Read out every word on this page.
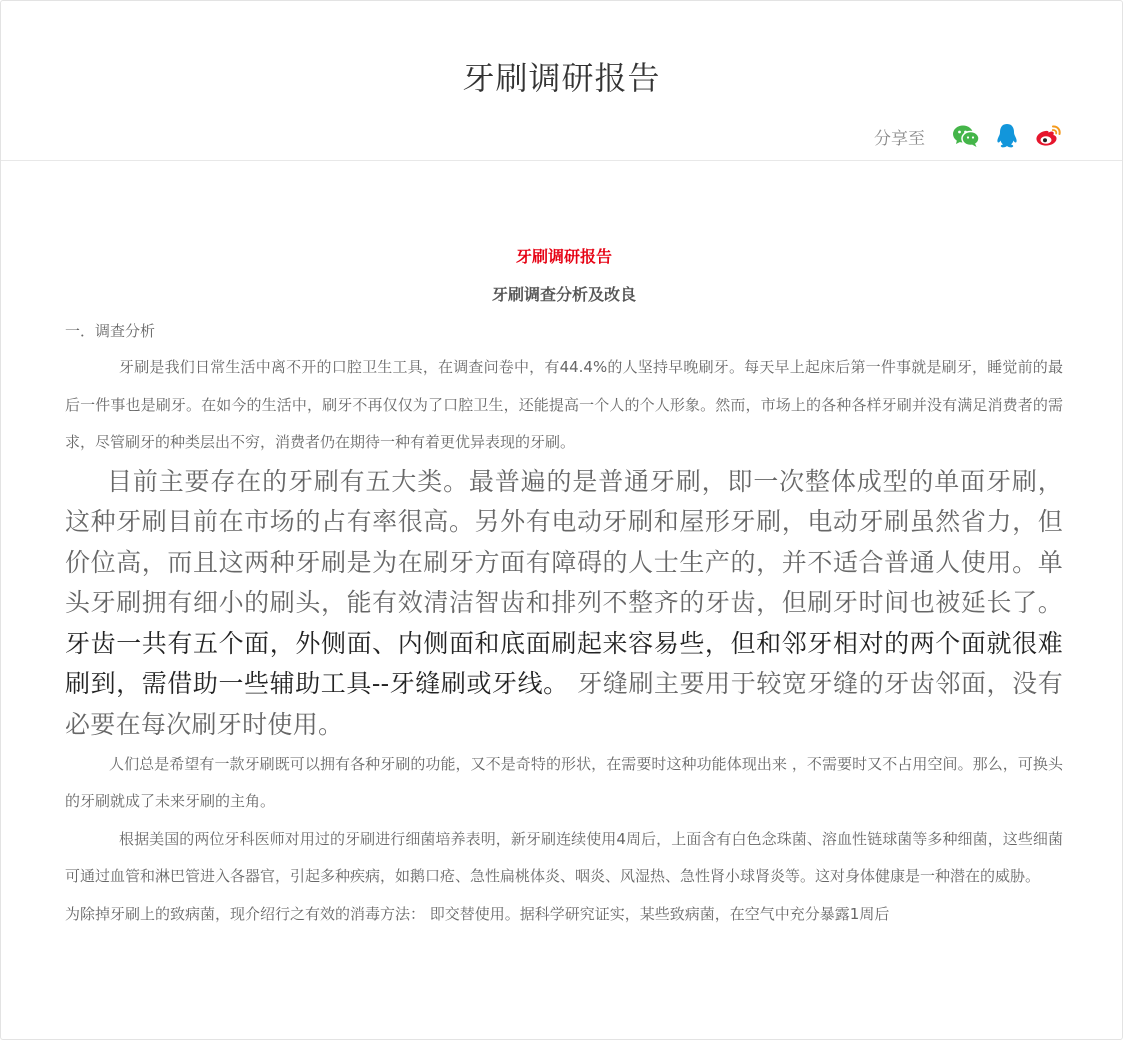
牙刷调研报告
分享至
牙刷调研报告
牙刷调查分析及改良
一．调查分析

牙刷是我们日常生活中离不开的口腔卫生工具，在调查问卷中，有44.4%的人坚持早晚刷牙。每天早上起床后第一件事就是刷牙，睡觉前的最后一件事也是刷牙。在如今的生活中，刷牙不再仅仅为了口腔卫生，还能提高一个人的个人形象。然而，市场上的各种各样牙刷并没有满足消费者的需求，尽管刷牙的种类层出不穷，消费者仍在期待一种有着更优异表现的牙刷。

目前主要存在的牙刷有五大类。最普遍的是普通牙刷，即一次整体成型的单面牙刷，这种牙刷目前在市场的占有率很高。另外有电动牙刷和屋形牙刷，电动牙刷虽然省力，但价位高，而且这两种牙刷是为在刷牙方面有障碍的人士生产的，并不适合普通人使用。单头牙刷拥有细小的刷头，能有效清洁智齿和排列不整齐的牙齿，但刷牙时间也被延长了。牙齿一共有五个面，外侧面、内侧面和底面刷起来容易些，但和邻牙相对的两个面就很难刷到，需借助一些辅助工具--牙缝刷或牙线。 牙缝刷主要用于较宽牙缝的牙齿邻面，没有必要在每次刷牙时使用。

人们总是希望有一款牙刷既可以拥有各种牙刷的功能，又不是奇特的形状，在需要时这种功能体现出来 ，不需要时又不占用空间。那么，可换头的牙刷就成了未来牙刷的主角。

根据美国的两位牙科医师对用过的牙刷进行细菌培养表明，新牙刷连续使用4周后，上面含有白色念珠菌、溶血性链球菌等多种细菌，这些细菌可通过血管和淋巴管进入各器官，引起多种疾病，如鹅口疮、急性扁桃体炎、咽炎、风湿热、急性肾小球肾炎等。这对身体健康是一种潜在的威胁。

为除掉牙刷上的致病菌，现介绍行之有效的消毒方法： 即交替使用。据科学研究证实，某些致病菌，在空气中充分暴露1周后
